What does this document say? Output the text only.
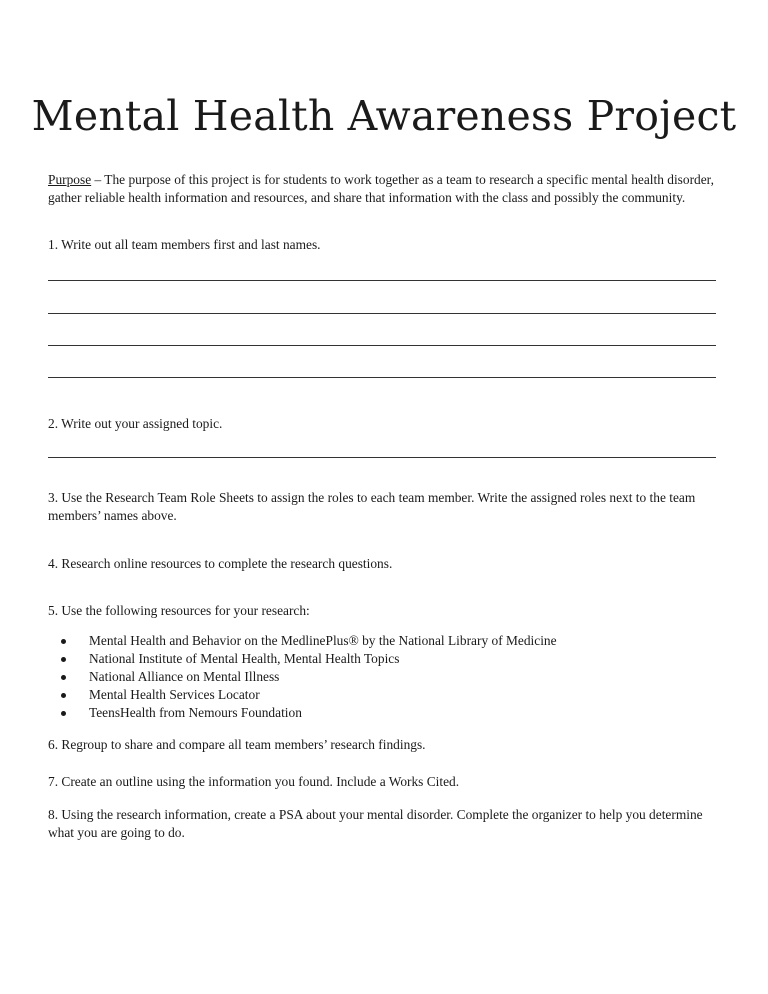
Mental Health Awareness Project

Purpose – The purpose of this project is for students to work together as a team to research a specific mental health disorder, gather reliable health information and resources, and share that information with the class and possibly the community.

1. Write out all team members first and last names.

2. Write out your assigned topic.

3. Use the Research Team Role Sheets to assign the roles to each team member. Write the assigned roles next to the team members’ names above.

4. Research online resources to complete the research questions.

5. Use the following resources for your research:

Mental Health and Behavior on the MedlinePlus® by the National Library of Medicine
National Institute of Mental Health, Mental Health Topics
National Alliance on Mental Illness
Mental Health Services Locator
TeensHealth from Nemours Foundation

6. Regroup to share and compare all team members’ research findings.

7. Create an outline using the information you found. Include a Works Cited.

8. Using the research information, create a PSA about your mental disorder. Complete the organizer to help you determine what you are going to do.
